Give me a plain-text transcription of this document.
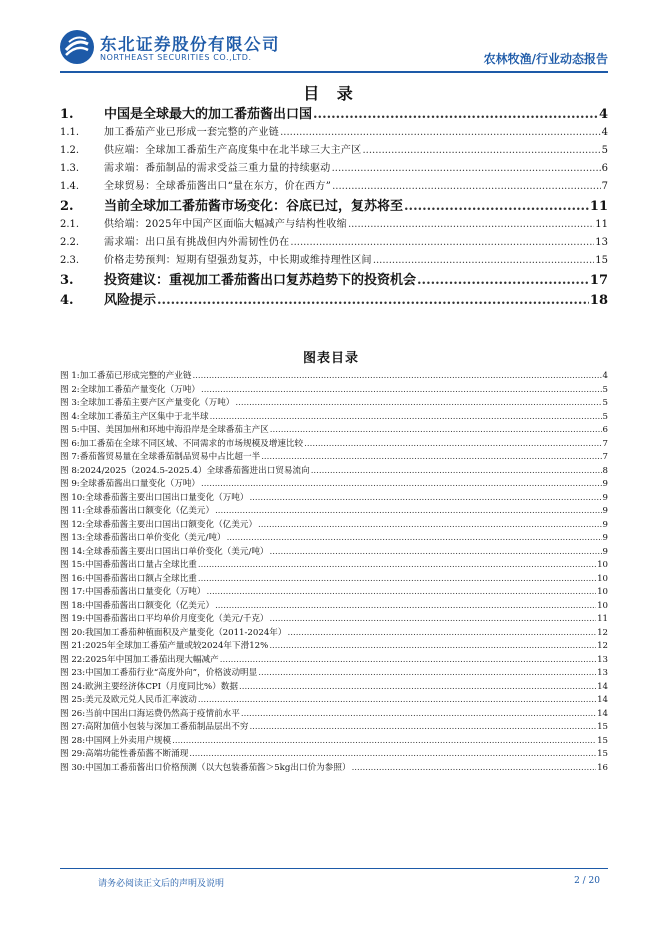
东北证券股份有限公司
NORTHEAST SECURITIES CO.,LTD.	农林牧渔/行业动态报告
目 录
1.	中国是全球最大的加工番茄酱出口国 .....	4
1.1.	加工番茄产业已形成一套完整的产业链 .....	4
1.2.	供应端：全球加工番茄生产高度集中在北半球三大主产区 .....	5
1.3.	需求端：番茄制品的需求受益三重力量的持续驱动 .....	6
1.4.	全球贸易：全球番茄酱出口“量在东方，价在西方” .....	7
2.	当前全球加工番茄酱市场变化：谷底已过，复苏将至 .....	11
2.1.	供给端：2025年中国产区面临大幅减产与结构性收缩 .....	11
2.2.	需求端：出口虽有挑战但内外需韧性仍在 .....	13
2.3.	价格走势预判：短期有望强劲复苏，中长期或维持理性区间 .....	15
3.	投资建议：重视加工番茄酱出口复苏趋势下的投资机会 .....	17
4.	风险提示 .....	18
图表目录
图 1: 加工番茄已形成完整的产业链 .....	4
图 2: 全球加工番茄产量变化（万吨） .....	5
图 3: 全球加工番茄主要产区产量变化（万吨） .....	5
图 4: 全球加工番茄主产区集中于北半球 .....	5
图 5: 中国、美国加州和环地中海沿岸是全球番茄主产区 .....	6
图 6: 加工番茄在全球不同区域、不同需求的市场规模及增速比较 .....	7
图 7: 番茄酱贸易量在全球番茄制品贸易中占比超一半 .....	7
图 8: 2024/2025（2024.5-2025.4）全球番茄酱进出口贸易流向 .....	8
图 9: 全球番茄酱出口量变化（万吨） .....	9
图 10: 全球番茄酱主要出口国出口量变化（万吨） .....	9
图 11: 全球番茄酱出口额变化（亿美元） .....	9
图 12: 全球番茄酱主要出口国出口额变化（亿美元） .....	9
图 13: 全球番茄酱出口单价变化（美元/吨） .....	9
图 14: 全球番茄酱主要出口国出口单价变化（美元/吨） .....	9
图 15: 中国番茄酱出口量占全球比重 .....	10
图 16: 中国番茄酱出口额占全球比重 .....	10
图 17: 中国番茄酱出口量变化（万吨） .....	10
图 18: 中国番茄酱出口额变化（亿美元） .....	10
图 19: 中国番茄酱出口平均单价月度变化（美元/千克） .....	11
图 20: 我国加工番茄种植面积及产量变化（2011-2024年） .....	12
图 21: 2025年全球加工番茄产量或较2024年下滑12% .....	12
图 22: 2025年中国加工番茄出现大幅减产 .....	13
图 23: 中国加工番茄行业“高度外向”，价格波动明显 .....	13
图 24: 欧洲主要经济体CPI（月度同比%）数据 .....	14
图 25: 美元及欧元兑人民币汇率波动 .....	14
图 26: 当前中国出口海运费仍然高于疫情前水平 .....	14
图 27: 高附加值小包装与深加工番茄制品层出不穷 .....	15
图 28: 中国网上外卖用户规模 .....	15
图 29: 高端功能性番茄酱不断涌现 .....	15
图 30: 中国加工番茄酱出口价格预测（以大包装番茄酱＞5kg出口价为参照） .....	16
请务必阅读正文后的声明及说明	2 / 20
